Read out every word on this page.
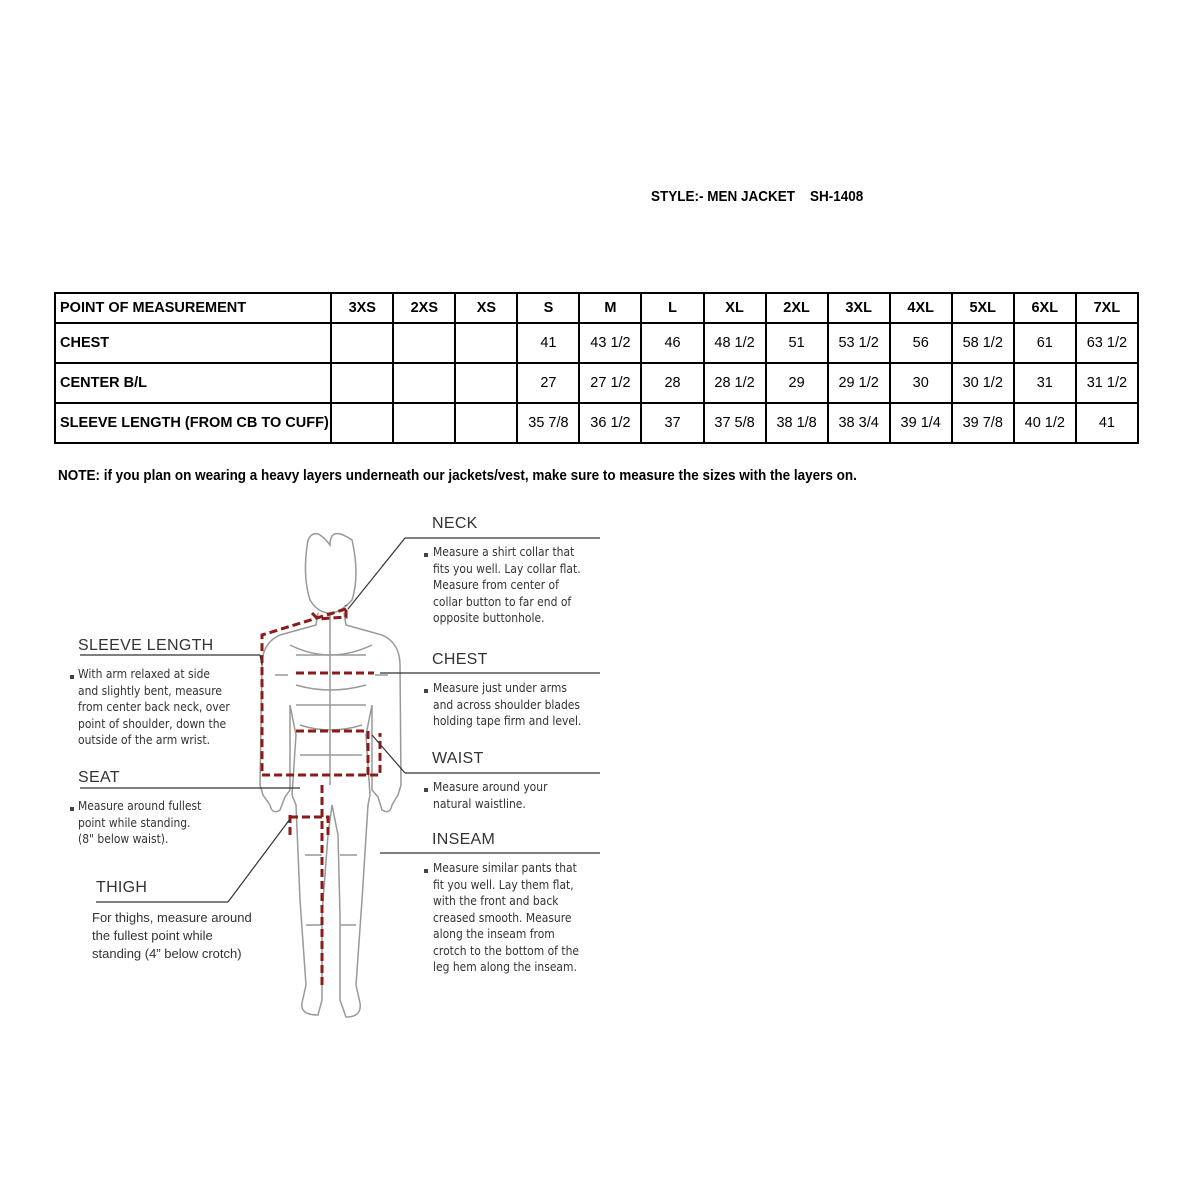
STYLE:- MEN JACKET    SH-1408
POINT OF MEASUREMENT	3XS	2XS	XS	S	M	L	XL	2XL	3XL	4XL	5XL	6XL	7XL
CHEST				41	43 1/2	46	48 1/2	51	53 1/2	56	58 1/2	61	63 1/2
CENTER B/L				27	27 1/2	28	28 1/2	29	29 1/2	30	30 1/2	31	31 1/2
SLEEVE LENGTH (FROM CB TO CUFF)				35 7/8	36 1/2	37	37 5/8	38 1/8	38 3/4	39 1/4	39 7/8	40 1/2	41
NOTE: if you plan on wearing a heavy layers underneath our jackets/vest, make sure to measure the sizes with the layers on.
NECK
Measure a shirt collar that
fits you well. Lay collar flat.
Measure from center of
collar button to far end of
opposite buttonhole.
SLEEVE LENGTH
With arm relaxed at side
and slightly bent, measure
from center back neck, over
point of shoulder, down the
outside of the arm wrist.
CHEST
Measure just under arms
and across shoulder blades
holding tape firm and level.
WAIST
Measure around your
natural waistline.
SEAT
Measure around fullest
point while standing.
(8" below waist).	INSEAM
Measure similar pants that
fit you well. Lay them flat,
with the front and back
creased smooth. Measure
along the inseam from
crotch to the bottom of the
leg hem along the inseam.
THIGH
For thighs, measure around
the fullest point while
standing (4” below crotch)
